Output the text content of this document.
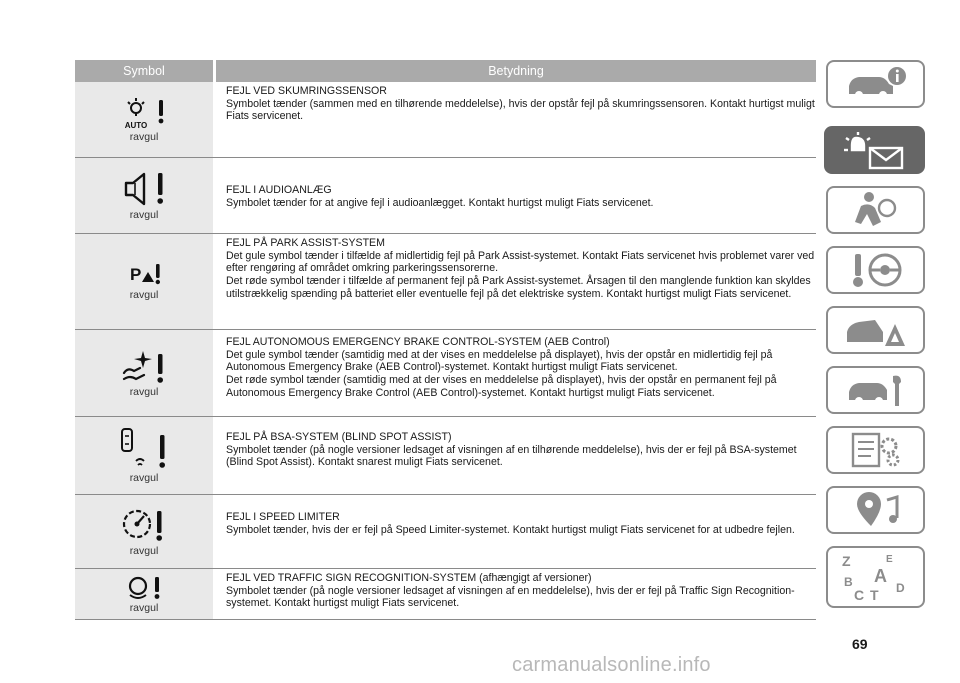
Symbol	Betydning
AUTO
ravgul

FEJL VED SKUMRINGSSENSOR

Symbolet tænder (sammen med en tilhørende meddelelse), hvis der opstår fejl på skumringssensoren. Kontakt hurtigst muligt Fiats servicenet.

ravgul

FEJL I AUDIOANLÆG

Symbolet tænder for at angive fejl i audioanlægget. Kontakt hurtigst muligt Fiats servicenet.

P
ravgul

FEJL PÅ PARK ASSIST-SYSTEM

Det gule symbol tænder i tilfælde af midlertidig fejl på Park Assist-systemet. Kontakt Fiats servicenet hvis problemet varer ved efter rengøring af området omkring parkeringssensorerne.

Det røde symbol tænder i tilfælde af permanent fejl på Park Assist-systemet. Årsagen til den manglende funktion kan skyldes utilstrækkelig spænding på batteriet eller eventuelle fejl på det elektriske system. Kontakt hurtigst muligt Fiats servicenet.

ravgul

FEJL AUTONOMOUS EMERGENCY BRAKE CONTROL-SYSTEM (AEB Control)

Det gule symbol tænder (samtidig med at der vises en meddelelse på displayet), hvis der opstår en midlertidig fejl på Autonomous Emergency Brake (AEB Control)-systemet. Kontakt hurtigst muligt Fiats servicenet.

Det røde symbol tænder (samtidig med at der vises en meddelelse på displayet), hvis der opstår en permanent fejl på Autonomous Emergency Brake Control (AEB Control)-systemet. Kontakt hurtigst muligt Fiats servicenet.

ravgul

FEJL PÅ BSA-SYSTEM (BLIND SPOT ASSIST)

Symbolet tænder (på nogle versioner ledsaget af visningen af en tilhørende meddelelse), hvis der er fejl på BSA-systemet (Blind Spot Assist). Kontakt snarest muligt Fiats servicenet.

ravgul

FEJL I SPEED LIMITER

Symbolet tænder, hvis der er fejl på Speed Limiter-systemet. Kontakt hurtigst muligt Fiats servicenet for at udbedre fejlen.

ravgul

FEJL VED TRAFFIC SIGN RECOGNITION-SYSTEM (afhængigt af versioner)

Symbolet tænder (på nogle versioner ledsaget af visningen af en meddelelse), hvis der er fejl på Traffic Sign Recognition-systemet. Kontakt hurtigst muligt Fiats servicenet.

Z	E
B A
C T D
69
carmanualsonline.info
